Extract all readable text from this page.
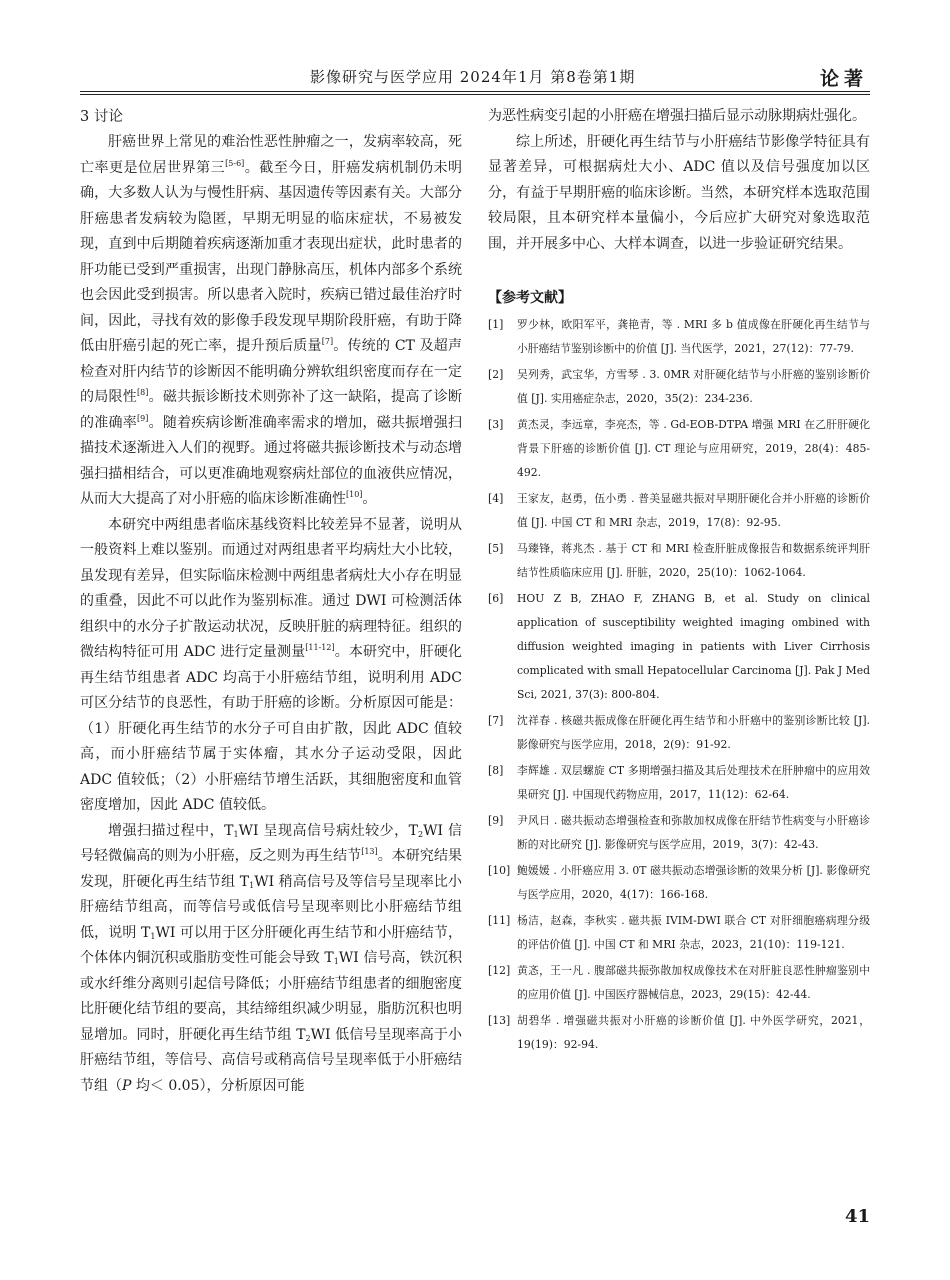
影像研究与医学应用 2024年1月 第8卷第1期	论著

3 讨论

肝癌世界上常见的难治性恶性肿瘤之一，发病率较高，死亡率更是位居世界第三[5-6]。截至今日，肝癌发病机制仍未明确，大多数人认为与慢性肝病、基因遗传等因素有关。大部分肝癌患者发病较为隐匿，早期无明显的临床症状，不易被发现，直到中后期随着疾病逐渐加重才表现出症状，此时患者的肝功能已受到严重损害，出现门静脉高压，机体内部多个系统也会因此受到损害。所以患者入院时，疾病已错过最佳治疗时间，因此，寻找有效的影像手段发现早期阶段肝癌，有助于降低由肝癌引起的死亡率，提升预后质量[7]。传统的 CT 及超声检查对肝内结节的诊断因不能明确分辨软组织密度而存在一定的局限性[8]。磁共振诊断技术则弥补了这一缺陷，提高了诊断的准确率[9]。随着疾病诊断准确率需求的增加，磁共振增强扫描技术逐渐进入人们的视野。通过将磁共振诊断技术与动态增强扫描相结合，可以更准确地观察病灶部位的血液供应情况，从而大大提高了对小肝癌的临床诊断准确性[10]。

本研究中两组患者临床基线资料比较差异不显著，说明从一般资料上难以鉴别。而通过对两组患者平均病灶大小比较，虽发现有差异，但实际临床检测中两组患者病灶大小存在明显的重叠，因此不可以此作为鉴别标准。通过 DWI 可检测活体组织中的水分子扩散运动状况，反映肝脏的病理特征。组织的微结构特征可用 ADC 进行定量测量[11-12]。本研究中，肝硬化再生结节组患者 ADC 均高于小肝癌结节组，说明利用 ADC 可区分结节的良恶性，有助于肝癌的诊断。分析原因可能是：（1）肝硬化再生结节的水分子可自由扩散，因此 ADC 值较高，而小肝癌结节属于实体瘤，其水分子运动受限，因此 ADC 值较低；（2）小肝癌结节增生活跃，其细胞密度和血管密度增加，因此 ADC 值较低。

增强扫描过程中，$T_1WI$ 呈现高信号病灶较少，$T_2WI$ 信号轻微偏高的则为小肝癌，反之则为再生结节[13]。本研究结果发现，肝硬化再生结节组 $T_1WI$ 稍高信号及等信号呈现率比小肝癌结节组高，而等信号或低信号呈现率则比小肝癌结节组低，说明 $T_1WI$ 可以用于区分肝硬化再生结节和小肝癌结节，个体体内铜沉积或脂肪变性可能会导致 $T_1WI$ 信号高，铁沉积或水纤维分离则引起信号降低；小肝癌结节组患者的细胞密度比肝硬化结节组的要高，其结缔组织减少明显，脂肪沉积也明显增加。同时，肝硬化再生结节组 $T_2WI$ 低信号呈现率高于小肝癌结节组，等信号、高信号或稍高信号呈现率低于小肝癌结节组（P 均＜ 0.05），分析原因可能

为恶性病变引起的小肝癌在增强扫描后显示动脉期病灶强化。

综上所述，肝硬化再生结节与小肝癌结节影像学特征具有显著差异，可根据病灶大小、ADC 值以及信号强度加以区分，有益于早期肝癌的临床诊断。当然，本研究样本选取范围较局限，且本研究样本量偏小，今后应扩大研究对象选取范围，并开展多中心、大样本调查，以进一步验证研究结果。

【参考文献】
[1]	罗少林，欧阳军平，龚艳青，等 . MRI 多 b 值成像在肝硬化再生结节与小肝癌结节鉴别诊断中的价值 [J]. 当代医学，2021，27(12)：77-79.
[2]	吴列秀，武宝华，方雪琴 . 3. 0MR 对肝硬化结节与小肝癌的鉴别诊断价值 [J]. 实用癌症杂志，2020，35(2)：234-236.
[3]	黄杰灵，李远章，李亮杰，等 . Gd-EOB-DTPA 增强 MRI 在乙肝肝硬化背景下肝癌的诊断价值 [J]. CT 理论与应用研究，2019，28(4)：485-492.
[4]	王家友，赵勇，伍小勇 . 普美显磁共振对早期肝硬化合并小肝癌的诊断价值 [J]. 中国 CT 和 MRI 杂志，2019，17(8)：92-95.
[5]	马臻锋，蒋兆杰 . 基于 CT 和 MRI 检查肝脏成像报告和数据系统评判肝结节性质临床应用 [J]. 肝脏，2020，25(10)：1062-1064.
[6]	HOU Z B, ZHAO F, ZHANG B, et al. Study on clinical application of susceptibility weighted imaging ombined with diffusion weighted imaging in patients with Liver Cirrhosis complicated with small Hepatocellular Carcinoma [J]. Pak J Med Sci, 2021, 37(3): 800-804.
[7]	沈祥春 . 核磁共振成像在肝硬化再生结节和小肝癌中的鉴别诊断比较 [J]. 影像研究与医学应用，2018，2(9)：91-92.
[8]	李辉雄 . 双层螺旋 CT 多期增强扫描及其后处理技术在肝肿瘤中的应用效果研究 [J]. 中国现代药物应用，2017，11(12)：62-64.
[9]	尹风日 . 磁共振动态增强检查和弥散加权成像在肝结节性病变与小肝癌诊断的对比研究 [J]. 影像研究与医学应用，2019，3(7)：42-43.
[10] 鲍媛媛 . 小肝癌应用 3. 0T 磁共振动态增强诊断的效果分析 [J]. 影像研究与医学应用，2020，4(17)：166-168.
[11] 杨洁，赵森，李秋实 . 磁共振 IVIM-DWI 联合 CT 对肝细胞癌病理分级的评估价值 [J]. 中国 CT 和 MRI 杂志，2023，21(10)：119-121.
[12] 黄忞，王一凡 . 腹部磁共振弥散加权成像技术在对肝脏良恶性肿瘤鉴别中的应用价值 [J]. 中国医疗器械信息，2023，29(15)：42-44.
[13] 胡碧华 . 增强磁共振对小肝癌的诊断价值 [J]. 中外医学研究，2021，19(19)：92-94.
41
